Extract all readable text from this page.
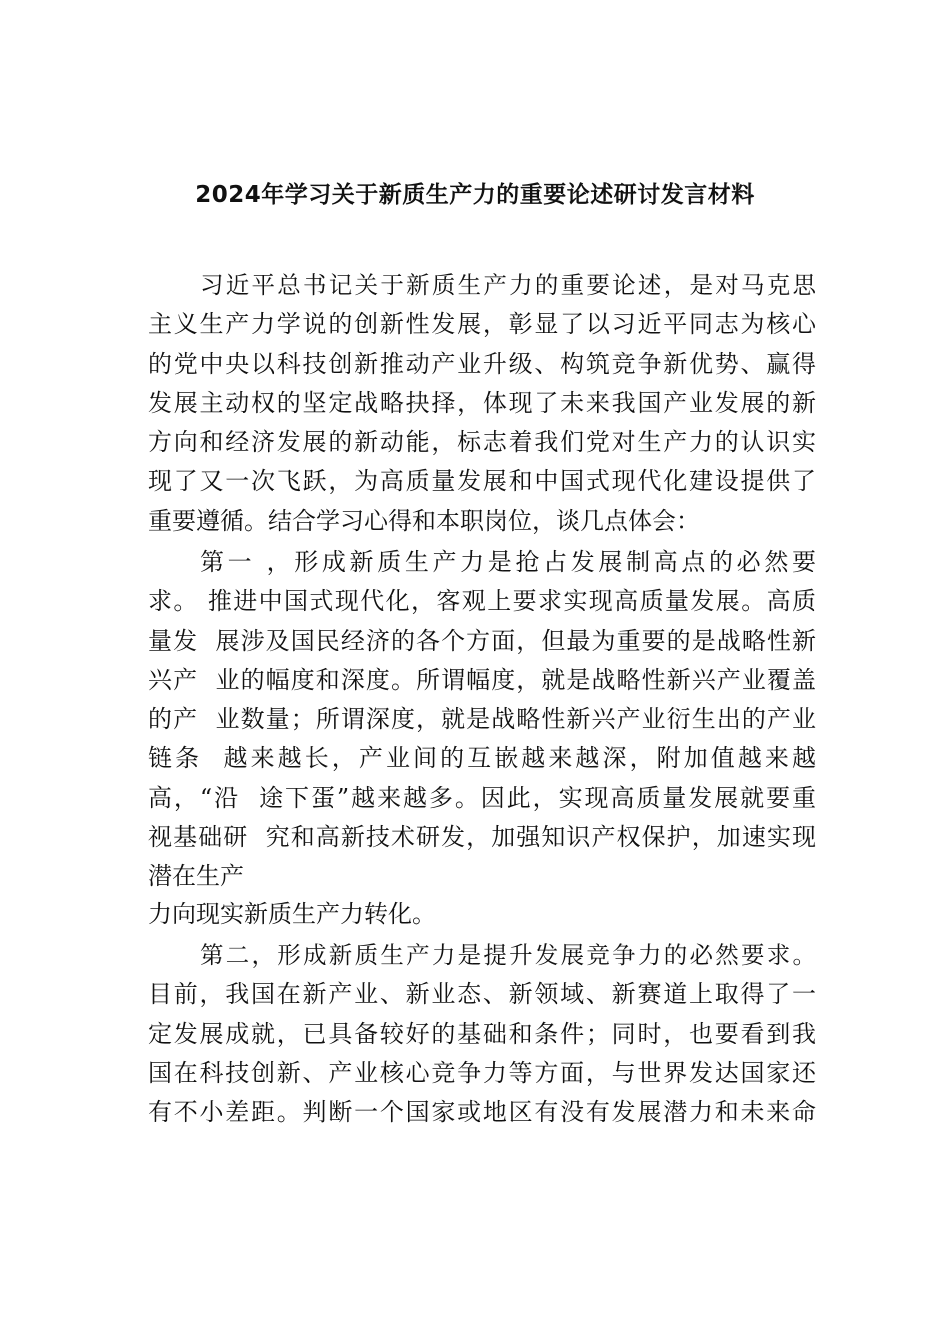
2024年学习关于新质生产力的重要论述研讨发言材料
习近平总书记关于新质生产力的重要论述，是对马克思
主义生产力学说的创新性发展，彰显了以习近平同志为核心
的党中央以科技创新推动产业升级、构筑竞争新优势、赢得
发展主动权的坚定战略抉择，体现了未来我国产业发展的新
方向和经济发展的新动能，标志着我们党对生产力的认识实
现了又一次飞跃，为高质量发展和中国式现代化建设提供了
重要遵循。结合学习心得和本职岗位，谈几点体会：
第一 ，形成新质生产力是抢占发展制高点的必然要
求。 推进中国式现代化，客观上要求实现高质量发展。高质
量发  展涉及国民经济的各个方面，但最为重要的是战略性新
兴产  业的幅度和深度。所谓幅度，就是战略性新兴产业覆盖
的产  业数量；所谓深度，就是战略性新兴产业衍生出的产业
链条  越来越长，产业间的互嵌越来越深，附加值越来越
高，“沿  途下蛋”越来越多。因此，实现高质量发展就要重
视基础研  究和高新技术研发，加强知识产权保护，加速实现
潜在生产
力向现实新质生产力转化。
第二，形成新质生产力是提升发展竞争力的必然要求。
目前，我国在新产业、新业态、新领域、新赛道上取得了一
定发展成就，已具备较好的基础和条件；同时，也要看到我
国在科技创新、产业核心竞争力等方面，与世界发达国家还
有不小差距。判断一个国家或地区有没有发展潜力和未来命
